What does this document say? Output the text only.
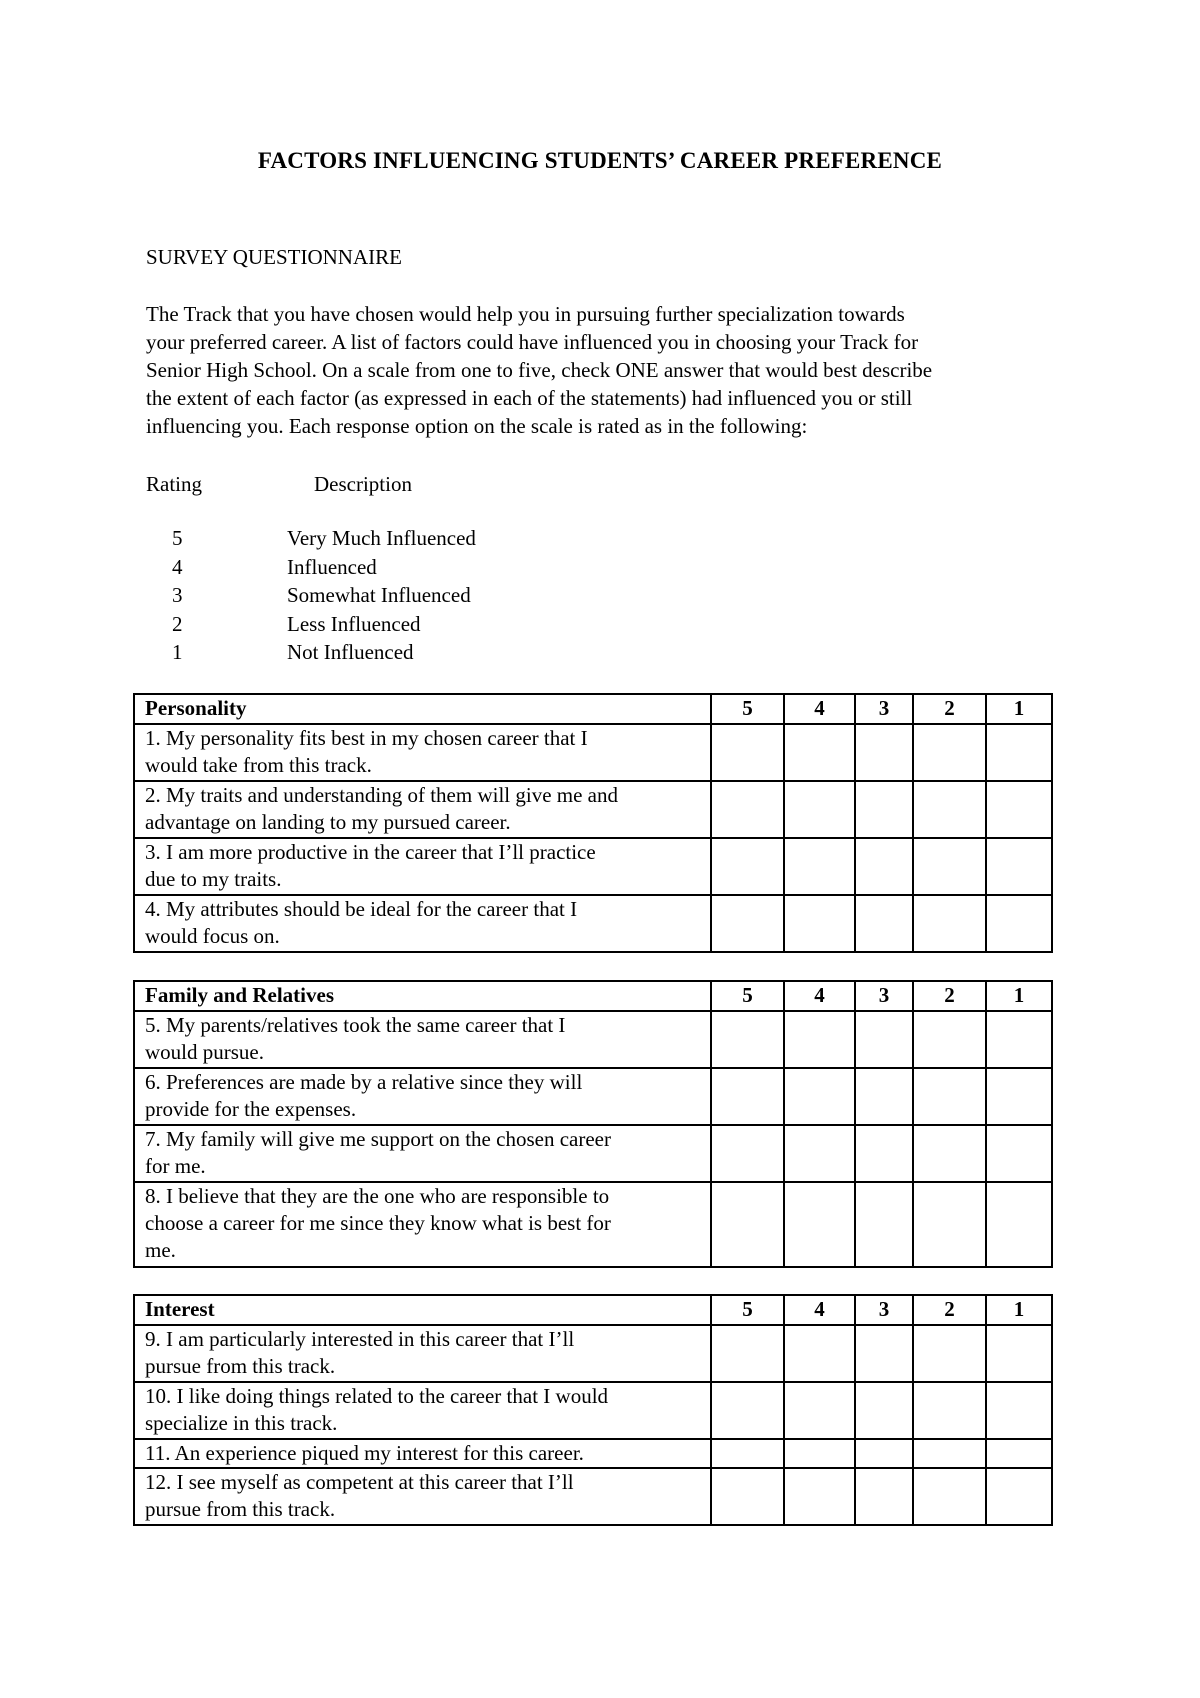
FACTORS INFLUENCING STUDENTS’ CAREER PREFERENCE
SURVEY QUESTIONNAIRE

The Track that you have chosen would help you in pursuing further specialization towards

your preferred career. A list of factors could have influenced you in choosing your Track for

Senior High School. On a scale from one to five, check ONE answer that would best describe

the extent of each factor (as expressed in each of the statements) had influenced you or still

influencing you. Each response option on the scale is rated as in the following:

Rating	Description
5	Very Much Influenced
4	Influenced
3	Somewhat Influenced
2	Less Influenced
1	Not Influenced
Personality	5	4	3	2	1

1. My personality fits best in my chosen career that I
would take from this track.					

2. My traits and understanding of them will give me and
advantage on landing to my pursued career.					

3. I am more productive in the career that I’ll practice
due to my traits.					

4. My attributes should be ideal for the career that I
would focus on.					

Family and Relatives	5	4	3	2	1

5. My parents/relatives took the same career that I
would pursue.					

6. Preferences are made by a relative since they will
provide for the expenses.					

7. My family will give me support on the chosen career
for me.					

8. I believe that they are the one who are responsible to
choose a career for me since they know what is best for
me.					

Interest	5	4	3	2	1

9. I am particularly interested in this career that I’ll
pursue from this track.					

10. I like doing things related to the career that I would
specialize in this track.					

11. An experience piqued my interest for this career.					

12. I see myself as competent at this career that I’ll
pursue from this track.					
